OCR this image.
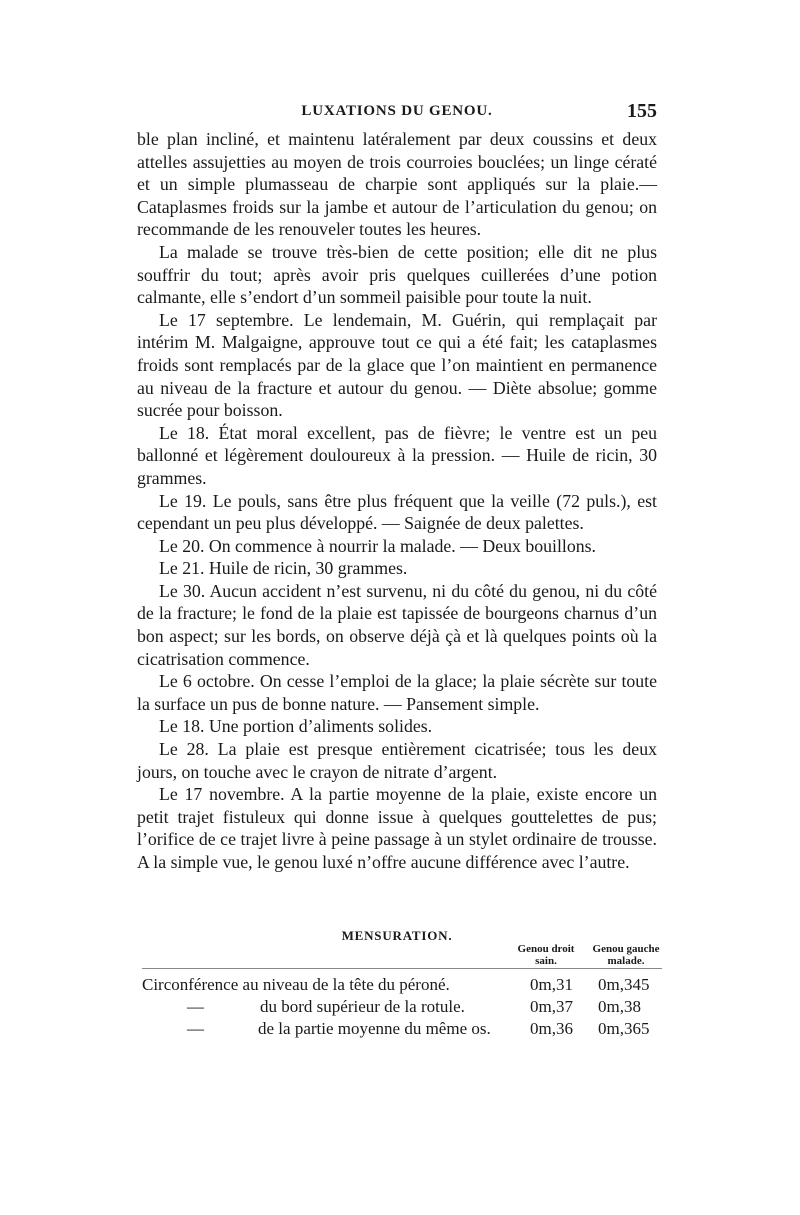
LUXATIONS DU GENOU.	155

ble plan incliné, et maintenu latéralement par deux coussins et deux attelles assujetties au moyen de trois courroies bouclées; un linge cératé et un simple plumasseau de charpie sont appliqués sur la plaie.— Cataplasmes froids sur la jambe et autour de l’articulation du genou; on recommande de les renouveler toutes les heures.

La malade se trouve très-bien de cette position; elle dit ne plus souffrir du tout; après avoir pris quelques cuillerées d’une potion calmante, elle s’endort d’un sommeil paisible pour toute la nuit.

Le 17 septembre. Le lendemain, M. Guérin, qui remplaçait par intérim M. Malgaigne, approuve tout ce qui a été fait; les cataplasmes froids sont remplacés par de la glace que l’on maintient en permanence au niveau de la fracture et autour du genou. — Diète absolue; gomme sucrée pour boisson.

Le 18. État moral excellent, pas de fièvre; le ventre est un peu ballonné et légèrement douloureux à la pression. — Huile de ricin, 30 grammes.

Le 19. Le pouls, sans être plus fréquent que la veille (72 puls.), est cependant un peu plus développé. — Saignée de deux palettes.

Le 20. On commence à nourrir la malade. — Deux bouillons.

Le 21. Huile de ricin, 30 grammes.

Le 30. Aucun accident n’est survenu, ni du côté du genou, ni du côté de la fracture; le fond de la plaie est tapissée de bourgeons charnus d’un bon aspect; sur les bords, on observe déjà çà et là quelques points où la cicatrisation commence.

Le 6 octobre. On cesse l’emploi de la glace; la plaie sécrète sur toute la surface un pus de bonne nature. — Pansement simple.

Le 18. Une portion d’aliments solides.

Le 28. La plaie est presque entièrement cicatrisée; tous les deux jours, on touche avec le crayon de nitrate d’argent.

Le 17 novembre. A la partie moyenne de la plaie, existe encore un petit trajet fistuleux qui donne issue à quelques gouttelettes de pus; l’orifice de ce trajet livre à peine passage à un stylet ordinaire de trousse. A la simple vue, le genou luxé n’offre aucune différence avec l’autre.

MENSURATION.
Genou droit
sain.
Genou gauche
malade.
Circonférence au niveau de la tête du péroné.	0m,31	0m,345
—	du bord supérieur de la rotule.	0m,37	0m,38
—	de la partie moyenne du même os. 0m,36	0m,365
